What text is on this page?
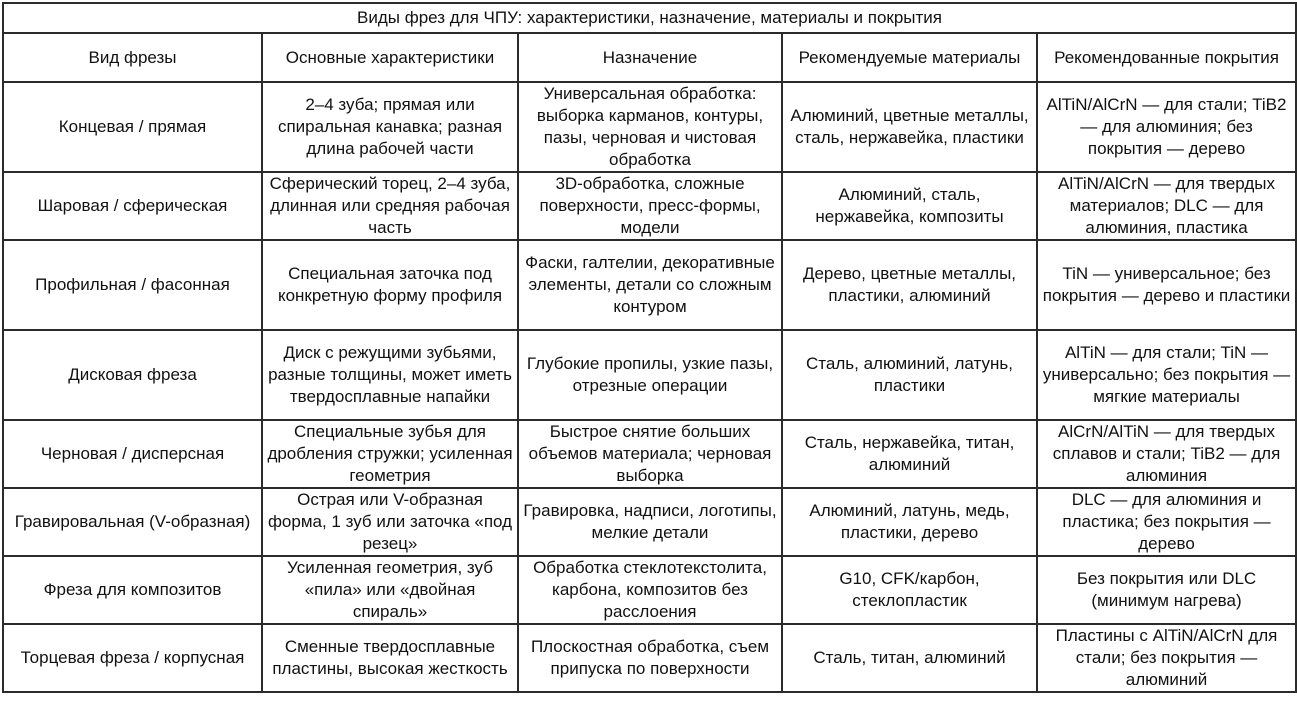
Виды фрез для ЧПУ: характеристики, назначение, материалы и покрытия				
Вид фрезы	Основные характеристики	Назначение	Рекомендуемые материалы	Рекомендованные покрытия
Концевая / прямая	2–4 зуба; прямая или спиральная канавка; разная длина рабочей части	Универсальная обработка: выборка карманов, контуры, пазы, черновая и чистовая обработка	Алюминий, цветные металлы, сталь, нержавейка, пластики	AlTiN/AlCrN — для стали; TiB2 — для алюминия; без покрытия — дерево
Шаровая / сферическая	Сферический торец, 2–4 зуба, длинная или средняя рабочая часть	3D-обработка, сложные поверхности, пресс-формы, модели	Алюминий, сталь, нержавейка, композиты	AlTiN/AlCrN — для твердых материалов; DLC — для алюминия, пластика
Профильная / фасонная	Специальная заточка под конкретную форму профиля	Фаски, галтелии, декоративные элементы, детали со сложным контуром	Дерево, цветные металлы, пластики, алюминий	TiN — универсальное; без покрытия — дерево и пластики
Дисковая фреза	Диск с режущими зубьями, разные толщины, может иметь твердосплавные напайки	Глубокие пропилы, узкие пазы, отрезные операции	Сталь, алюминий, латунь, пластики	AlTiN — для стали; TiN — универсально; без покрытия — мягкие материалы
Черновая / дисперсная	Специальные зубья для дробления стружки; усиленная геометрия	Быстрое снятие больших объемов материала; черновая выборка	Сталь, нержавейка, титан, алюминий	AlCrN/AlTiN — для твердых сплавов и стали; TiB2 — для алюминия
Гравировальная (V-образная)	Острая или V-образная форма, 1 зуб или заточка «под резец»	Гравировка, надписи, логотипы, мелкие детали	Алюминий, латунь, медь, пластики, дерево	DLC — для алюминия и пластика; без покрытия — дерево
Фреза для композитов	Усиленная геометрия, зуб «пила» или «двойная спираль»	Обработка стеклотекстолита, карбона, композитов без расслоения	G10, CFK/карбон, стеклопластик	Без покрытия или DLC (минимум нагрева)
Торцевая фреза / корпусная	Сменные твердосплавные пластины, высокая жесткость	Плоскостная обработка, съем припуска по поверхности	Сталь, титан, алюминий	Пластины с AlTiN/AlCrN для стали; без покрытия — алюминий
